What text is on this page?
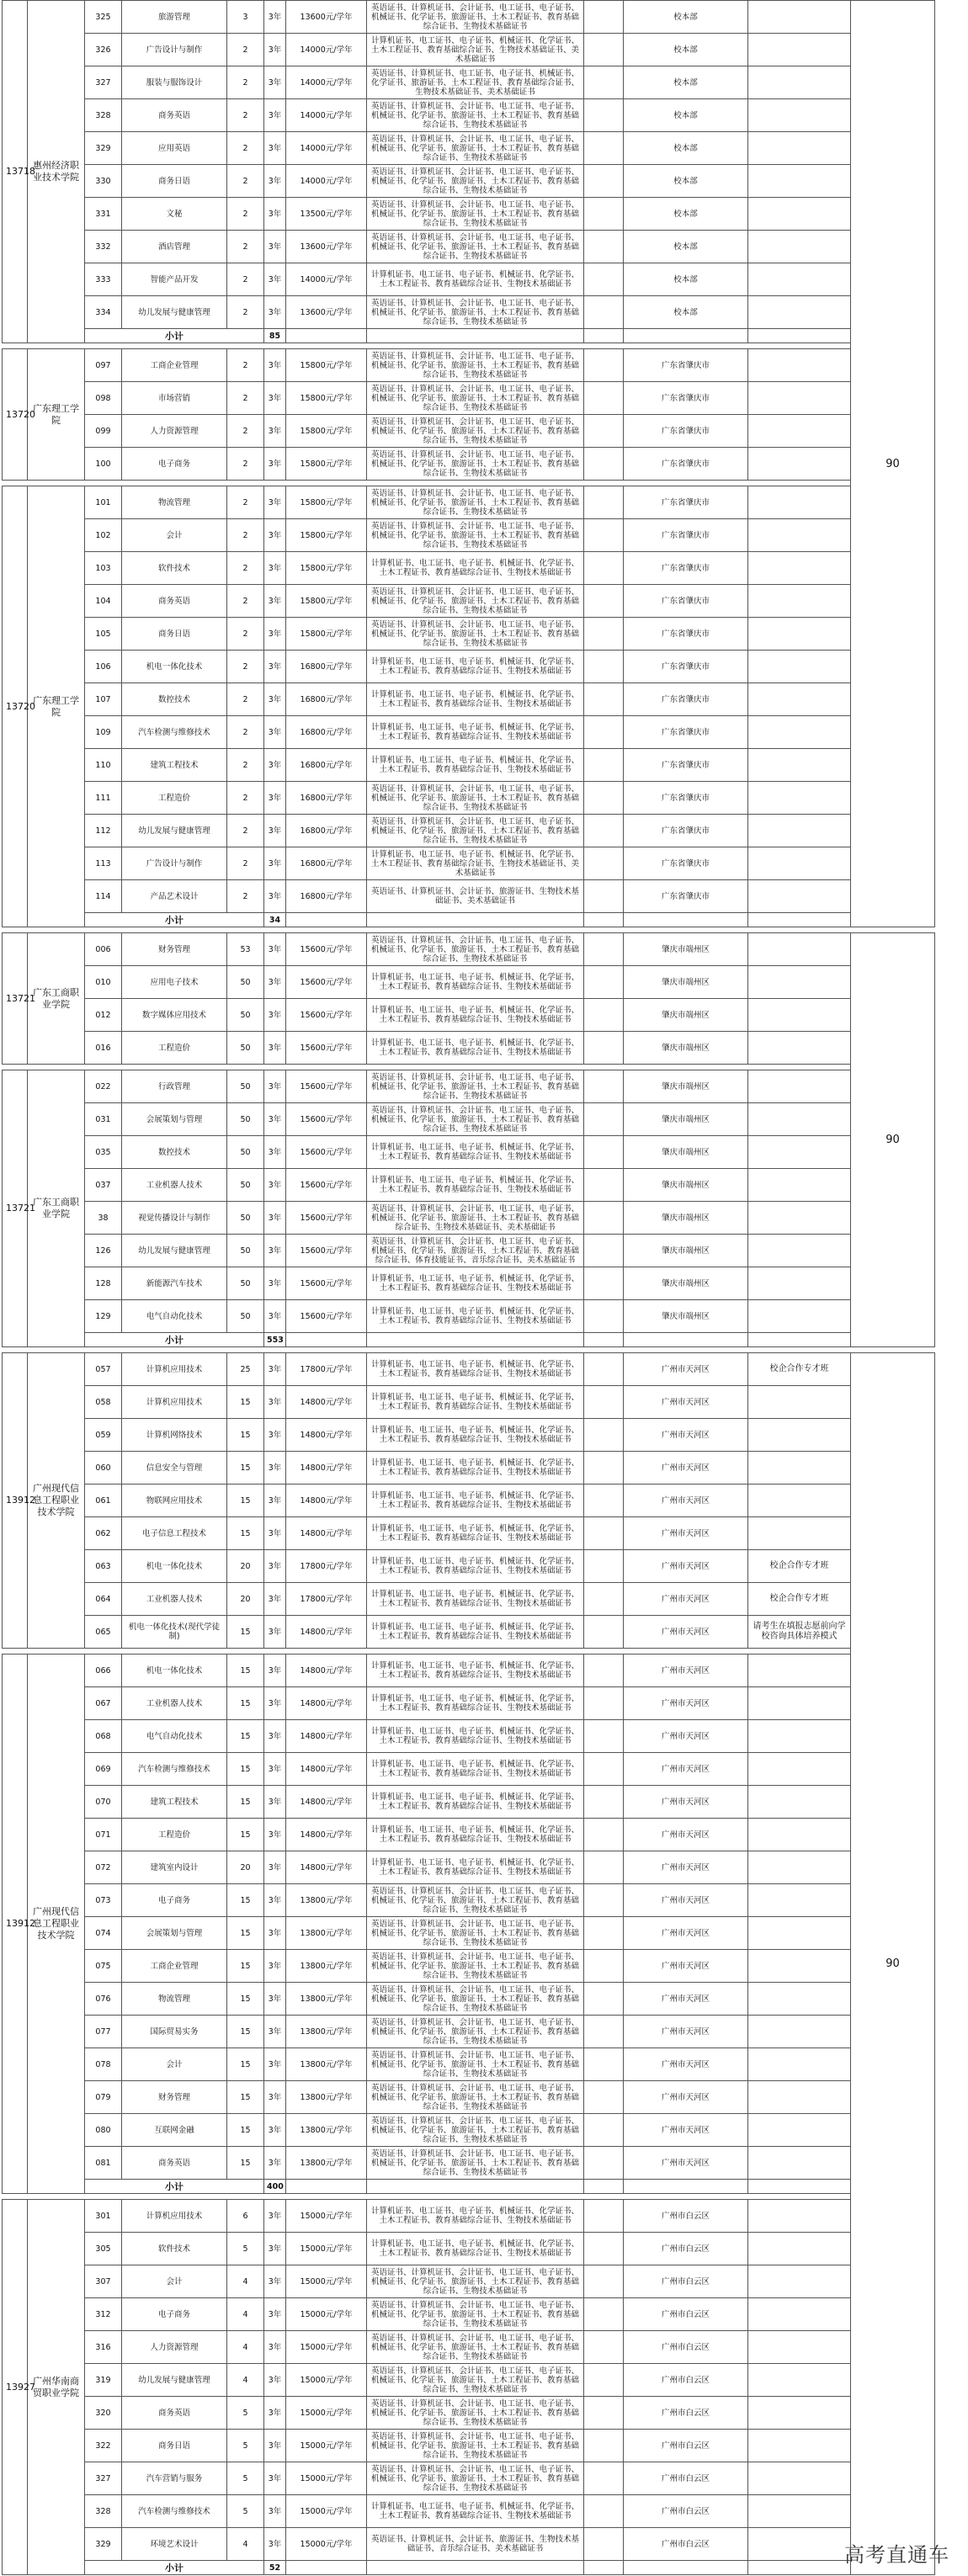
13718	惠州经济职业技术学院	325	旅游管理	3	3年	13600元/学年	英语证书、计算机证书、会计证书、电工证书、电子证书、机械证书、化学证书、旅游证书、土木工程证书、教育基础综合证书、生物技术基础证书		校本部		90
		326	广告设计与制作	2	3年	14000元/学年	计算机证书、电工证书、电子证书、机械证书、化学证书、土木工程证书、教育基础综合证书、生物技术基础证书、美术基础证书		校本部		
		327	服装与服饰设计	2	3年	14000元/学年	英语证书、计算机证书、电工证书、电子证书、机械证书、化学证书、旅游证书、土木工程证书、教育基础综合证书、生物技术基础证书、美术基础证书		校本部		
		328	商务英语	2	3年	14000元/学年	英语证书、计算机证书、会计证书、电工证书、电子证书、机械证书、化学证书、旅游证书、土木工程证书、教育基础综合证书、生物技术基础证书		校本部		
		329	应用英语	2	3年	14000元/学年	英语证书、计算机证书、会计证书、电工证书、电子证书、机械证书、化学证书、旅游证书、土木工程证书、教育基础综合证书、生物技术基础证书		校本部		
		330	商务日语	2	3年	14000元/学年	英语证书、计算机证书、会计证书、电工证书、电子证书、机械证书、化学证书、旅游证书、土木工程证书、教育基础综合证书、生物技术基础证书		校本部		
		331	文秘	2	3年	13500元/学年	英语证书、计算机证书、会计证书、电工证书、电子证书、机械证书、化学证书、旅游证书、土木工程证书、教育基础综合证书、生物技术基础证书		校本部		
		332	酒店管理	2	3年	13600元/学年	英语证书、计算机证书、会计证书、电工证书、电子证书、机械证书、化学证书、旅游证书、土木工程证书、教育基础综合证书、生物技术基础证书		校本部		
		333	智能产品开发	2	3年	14000元/学年	计算机证书、电工证书、电子证书、机械证书、化学证书、土木工程证书、教育基础综合证书、生物技术基础证书		校本部		
		334	幼儿发展与健康管理	2	3年	13600元/学年	英语证书、计算机证书、会计证书、电工证书、电子证书、机械证书、化学证书、旅游证书、土木工程证书、教育基础综合证书、生物技术基础证书		校本部		
		小计			85						

13720	广东理工学院	097	工商企业管理	2	3年	15800元/学年	英语证书、计算机证书、会计证书、电工证书、电子证书、机械证书、化学证书、旅游证书、土木工程证书、教育基础综合证书、生物技术基础证书		广东省肇庆市		
		098	市场营销	2	3年	15800元/学年	英语证书、计算机证书、会计证书、电工证书、电子证书、机械证书、化学证书、旅游证书、土木工程证书、教育基础综合证书、生物技术基础证书		广东省肇庆市		
		099	人力资源管理	2	3年	15800元/学年	英语证书、计算机证书、会计证书、电工证书、电子证书、机械证书、化学证书、旅游证书、土木工程证书、教育基础综合证书、生物技术基础证书		广东省肇庆市		
		100	电子商务	2	3年	15800元/学年	英语证书、计算机证书、会计证书、电工证书、电子证书、机械证书、化学证书、旅游证书、土木工程证书、教育基础综合证书、生物技术基础证书		广东省肇庆市		

13720	广东理工学院	101	物流管理	2	3年	15800元/学年	英语证书、计算机证书、会计证书、电工证书、电子证书、机械证书、化学证书、旅游证书、土木工程证书、教育基础综合证书、生物技术基础证书		广东省肇庆市		
		102	会计	2	3年	15800元/学年	英语证书、计算机证书、会计证书、电工证书、电子证书、机械证书、化学证书、旅游证书、土木工程证书、教育基础综合证书、生物技术基础证书		广东省肇庆市		
		103	软件技术	2	3年	15800元/学年	计算机证书、电工证书、电子证书、机械证书、化学证书、土木工程证书、教育基础综合证书、生物技术基础证书		广东省肇庆市		
		104	商务英语	2	3年	15800元/学年	英语证书、计算机证书、会计证书、电工证书、电子证书、机械证书、化学证书、旅游证书、土木工程证书、教育基础综合证书、生物技术基础证书		广东省肇庆市		
		105	商务日语	2	3年	15800元/学年	英语证书、计算机证书、会计证书、电工证书、电子证书、机械证书、化学证书、旅游证书、土木工程证书、教育基础综合证书、生物技术基础证书		广东省肇庆市		
		106	机电一体化技术	2	3年	16800元/学年	计算机证书、电工证书、电子证书、机械证书、化学证书、土木工程证书、教育基础综合证书、生物技术基础证书		广东省肇庆市		
		107	数控技术	2	3年	16800元/学年	计算机证书、电工证书、电子证书、机械证书、化学证书、土木工程证书、教育基础综合证书、生物技术基础证书		广东省肇庆市		
		109	汽车检测与维修技术	2	3年	16800元/学年	计算机证书、电工证书、电子证书、机械证书、化学证书、土木工程证书、教育基础综合证书、生物技术基础证书		广东省肇庆市		
		110	建筑工程技术	2	3年	16800元/学年	计算机证书、电工证书、电子证书、机械证书、化学证书、土木工程证书、教育基础综合证书、生物技术基础证书		广东省肇庆市		
		111	工程造价	2	3年	16800元/学年	英语证书、计算机证书、会计证书、电工证书、电子证书、机械证书、化学证书、旅游证书、土木工程证书、教育基础综合证书、生物技术基础证书		广东省肇庆市		
		112	幼儿发展与健康管理	2	3年	16800元/学年	英语证书、计算机证书、会计证书、电工证书、电子证书、机械证书、化学证书、旅游证书、土木工程证书、教育基础综合证书、生物技术基础证书		广东省肇庆市		
		113	广告设计与制作	2	3年	16800元/学年	计算机证书、电工证书、电子证书、机械证书、化学证书、土木工程证书、教育基础综合证书、生物技术基础证书、美术基础证书		广东省肇庆市		
		114	产品艺术设计	2	3年	16800元/学年	英语证书、计算机证书、会计证书、旅游证书、生物技术基础证书、美术基础证书		广东省肇庆市		
		小计			34						

13721	广东工商职业学院	006	财务管理	53	3年	15600元/学年	英语证书、计算机证书、会计证书、电工证书、电子证书、机械证书、化学证书、旅游证书、土木工程证书、教育基础综合证书、生物技术基础证书		肇庆市端州区		90
		010	应用电子技术	50	3年	15600元/学年	计算机证书、电工证书、电子证书、机械证书、化学证书、土木工程证书、教育基础综合证书、生物技术基础证书		肇庆市端州区		
		012	数字媒体应用技术	50	3年	15600元/学年	计算机证书、电工证书、电子证书、机械证书、化学证书、土木工程证书、教育基础综合证书、生物技术基础证书		肇庆市端州区		
		016	工程造价	50	3年	15600元/学年	计算机证书、电工证书、电子证书、机械证书、化学证书、土木工程证书、教育基础综合证书、生物技术基础证书		肇庆市端州区		

13721	广东工商职业学院	022	行政管理	50	3年	15600元/学年	英语证书、计算机证书、会计证书、电工证书、电子证书、机械证书、化学证书、旅游证书、土木工程证书、教育基础综合证书、生物技术基础证书		肇庆市端州区		
		031	会展策划与管理	50	3年	15600元/学年	英语证书、计算机证书、会计证书、电工证书、电子证书、机械证书、化学证书、旅游证书、土木工程证书、教育基础综合证书、生物技术基础证书		肇庆市端州区		
		035	数控技术	50	3年	15600元/学年	计算机证书、电工证书、电子证书、机械证书、化学证书、土木工程证书、教育基础综合证书、生物技术基础证书		肇庆市端州区		
		037	工业机器人技术	50	3年	15600元/学年	计算机证书、电工证书、电子证书、机械证书、化学证书、土木工程证书、教育基础综合证书、生物技术基础证书		肇庆市端州区		
		38	视觉传播设计与制作	50	3年	15600元/学年	英语证书、计算机证书、会计证书、电工证书、电子证书、机械证书、化学证书、旅游证书、土木工程证书、教育基础综合证书、生物技术基础证书、美术基础证书		肇庆市端州区		
		126	幼儿发展与健康管理	50	3年	15600元/学年	英语证书、计算机证书、会计证书、电工证书、电子证书、机械证书、化学证书、旅游证书、土木工程证书、教育基础综合证书、体育技能证书、音乐综合证书、美术基础证书		肇庆市端州区		
		128	新能源汽车技术	50	3年	15600元/学年	计算机证书、电工证书、电子证书、机械证书、化学证书、土木工程证书、教育基础综合证书、生物技术基础证书		肇庆市端州区		
		129	电气自动化技术	50	3年	15600元/学年	计算机证书、电工证书、电子证书、机械证书、化学证书、土木工程证书、教育基础综合证书、生物技术基础证书		肇庆市端州区		
		小计			553						

13912	广州现代信息工程职业技术学院	057	计算机应用技术	25	3年	17800元/学年	计算机证书、电工证书、电子证书、机械证书、化学证书、土木工程证书、教育基础综合证书、生物技术基础证书		广州市天河区	校企合作专才班	90
		058	计算机应用技术	15	3年	14800元/学年	计算机证书、电工证书、电子证书、机械证书、化学证书、土木工程证书、教育基础综合证书、生物技术基础证书		广州市天河区		
		059	计算机网络技术	15	3年	14800元/学年	计算机证书、电工证书、电子证书、机械证书、化学证书、土木工程证书、教育基础综合证书、生物技术基础证书		广州市天河区		
		060	信息安全与管理	15	3年	14800元/学年	计算机证书、电工证书、电子证书、机械证书、化学证书、土木工程证书、教育基础综合证书、生物技术基础证书		广州市天河区		
		061	物联网应用技术	15	3年	14800元/学年	计算机证书、电工证书、电子证书、机械证书、化学证书、土木工程证书、教育基础综合证书、生物技术基础证书		广州市天河区		
		062	电子信息工程技术	15	3年	14800元/学年	计算机证书、电工证书、电子证书、机械证书、化学证书、土木工程证书、教育基础综合证书、生物技术基础证书		广州市天河区		
		063	机电一体化技术	20	3年	17800元/学年	计算机证书、电工证书、电子证书、机械证书、化学证书、土木工程证书、教育基础综合证书、生物技术基础证书		广州市天河区	校企合作专才班	
		064	工业机器人技术	20	3年	17800元/学年	计算机证书、电工证书、电子证书、机械证书、化学证书、土木工程证书、教育基础综合证书、生物技术基础证书		广州市天河区	校企合作专才班	
		065	机电一体化技术(现代学徒制)	15	3年	14800元/学年	计算机证书、电工证书、电子证书、机械证书、化学证书、土木工程证书、教育基础综合证书、生物技术基础证书		广州市天河区	请考生在填报志愿前向学校咨询具体培养模式	

13912	广州现代信息工程职业技术学院	066	机电一体化技术	15	3年	14800元/学年	计算机证书、电工证书、电子证书、机械证书、化学证书、土木工程证书、教育基础综合证书、生物技术基础证书		广州市天河区		
		067	工业机器人技术	15	3年	14800元/学年	计算机证书、电工证书、电子证书、机械证书、化学证书、土木工程证书、教育基础综合证书、生物技术基础证书		广州市天河区		
		068	电气自动化技术	15	3年	14800元/学年	计算机证书、电工证书、电子证书、机械证书、化学证书、土木工程证书、教育基础综合证书、生物技术基础证书		广州市天河区		
		069	汽车检测与维修技术	15	3年	14800元/学年	计算机证书、电工证书、电子证书、机械证书、化学证书、土木工程证书、教育基础综合证书、生物技术基础证书		广州市天河区		
		070	建筑工程技术	15	3年	14800元/学年	计算机证书、电工证书、电子证书、机械证书、化学证书、土木工程证书、教育基础综合证书、生物技术基础证书		广州市天河区		
		071	工程造价	15	3年	14800元/学年	计算机证书、电工证书、电子证书、机械证书、化学证书、土木工程证书、教育基础综合证书、生物技术基础证书		广州市天河区		
		072	建筑室内设计	20	3年	14800元/学年	计算机证书、电工证书、电子证书、机械证书、化学证书、土木工程证书、教育基础综合证书、生物技术基础证书		广州市天河区		
		073	电子商务	15	3年	13800元/学年	英语证书、计算机证书、会计证书、电工证书、电子证书、机械证书、化学证书、旅游证书、土木工程证书、教育基础综合证书、生物技术基础证书		广州市天河区		
		074	会展策划与管理	15	3年	13800元/学年	英语证书、计算机证书、会计证书、电工证书、电子证书、机械证书、化学证书、旅游证书、土木工程证书、教育基础综合证书、生物技术基础证书		广州市天河区		
		075	工商企业管理	15	3年	13800元/学年	英语证书、计算机证书、会计证书、电工证书、电子证书、机械证书、化学证书、旅游证书、土木工程证书、教育基础综合证书、生物技术基础证书		广州市天河区		
		076	物流管理	15	3年	13800元/学年	英语证书、计算机证书、会计证书、电工证书、电子证书、机械证书、化学证书、旅游证书、土木工程证书、教育基础综合证书、生物技术基础证书		广州市天河区		
		077	国际贸易实务	15	3年	13800元/学年	英语证书、计算机证书、会计证书、电工证书、电子证书、机械证书、化学证书、旅游证书、土木工程证书、教育基础综合证书、生物技术基础证书		广州市天河区		
		078	会计	15	3年	13800元/学年	英语证书、计算机证书、会计证书、电工证书、电子证书、机械证书、化学证书、旅游证书、土木工程证书、教育基础综合证书、生物技术基础证书		广州市天河区		
		079	财务管理	15	3年	13800元/学年	英语证书、计算机证书、会计证书、电工证书、电子证书、机械证书、化学证书、旅游证书、土木工程证书、教育基础综合证书、生物技术基础证书		广州市天河区		
		080	互联网金融	15	3年	13800元/学年	英语证书、计算机证书、会计证书、电工证书、电子证书、机械证书、化学证书、旅游证书、土木工程证书、教育基础综合证书、生物技术基础证书		广州市天河区		
		081	商务英语	15	3年	13800元/学年	英语证书、计算机证书、会计证书、电工证书、电子证书、机械证书、化学证书、旅游证书、土木工程证书、教育基础综合证书、生物技术基础证书		广州市天河区		
		小计			400						

13927	广州华南商贸职业学院	301	计算机应用技术	6	3年	15000元/学年	计算机证书、电工证书、电子证书、机械证书、化学证书、土木工程证书、教育基础综合证书、生物技术基础证书		广州市白云区		
		305	软件技术	5	3年	15000元/学年	计算机证书、电工证书、电子证书、机械证书、化学证书、土木工程证书、教育基础综合证书、生物技术基础证书		广州市白云区		
		307	会计	4	3年	15000元/学年	英语证书、计算机证书、会计证书、电工证书、电子证书、机械证书、化学证书、旅游证书、土木工程证书、教育基础综合证书、生物技术基础证书		广州市白云区		
		312	电子商务	4	3年	15000元/学年	英语证书、计算机证书、会计证书、电工证书、电子证书、机械证书、化学证书、旅游证书、土木工程证书、教育基础综合证书、生物技术基础证书		广州市白云区		
		316	人力资源管理	4	3年	15000元/学年	英语证书、计算机证书、会计证书、电工证书、电子证书、机械证书、化学证书、旅游证书、土木工程证书、教育基础综合证书、生物技术基础证书		广州市白云区		
		319	幼儿发展与健康管理	4	3年	15000元/学年	英语证书、计算机证书、会计证书、电工证书、电子证书、机械证书、化学证书、旅游证书、土木工程证书、教育基础综合证书、生物技术基础证书		广州市白云区		
		320	商务英语	5	3年	15000元/学年	英语证书、计算机证书、会计证书、电工证书、电子证书、机械证书、化学证书、旅游证书、土木工程证书、教育基础综合证书、生物技术基础证书		广州市白云区		
		322	商务日语	5	3年	15000元/学年	英语证书、计算机证书、会计证书、电工证书、电子证书、机械证书、化学证书、旅游证书、土木工程证书、教育基础综合证书、生物技术基础证书		广州市白云区		
		327	汽车营销与服务	5	3年	15000元/学年	英语证书、计算机证书、会计证书、电工证书、电子证书、机械证书、化学证书、旅游证书、土木工程证书、教育基础综合证书、生物技术基础证书		广州市白云区		
		328	汽车检测与维修技术	5	3年	15000元/学年	计算机证书、电工证书、电子证书、机械证书、化学证书、土木工程证书、教育基础综合证书、生物技术基础证书		广州市白云区		
		329	环境艺术设计	4	3年	15000元/学年	英语证书、计算机证书、会计证书、旅游证书、生物技术基础证书、音乐综合证书、美术基础证书		广州市白云区		
		小计			52						
高考直通车
